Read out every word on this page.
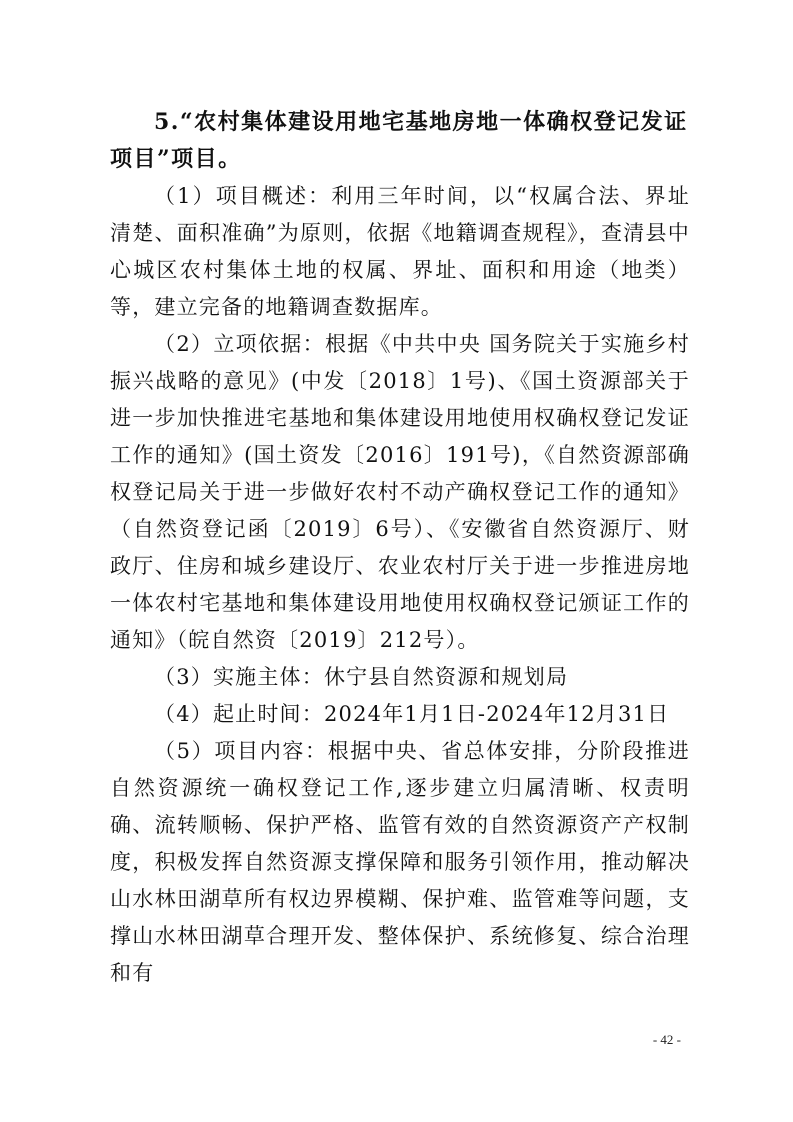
5.“农村集体建设用地宅基地房地一体确权登记发证项目”项目。

（1）项目概述：利用三年时间，以“权属合法、界址清楚、面积准确”为原则，依据《地籍调查规程》，查清县中心城区农村集体土地的权属、界址、面积和用途（地类）等，建立完备的地籍调查数据库。

（2）立项依据：根据《中共中央 国务院关于实施乡村振兴战略的意见》(中发〔2018〕1号)、《国土资源部关于进一步加快推进宅基地和集体建设用地使用权确权登记发证工作的通知》(国土资发〔2016〕191号)，《自然资源部确权登记局关于进一步做好农村不动产确权登记工作的通知》（自然资登记函〔2019〕6号）、《安徽省自然资源厅、财政厅、住房和城乡建设厅、农业农村厅关于进一步推进房地一体农村宅基地和集体建设用地使用权确权登记颁证工作的通知》（皖自然资〔2019〕212号）。

（3）实施主体：休宁县自然资源和规划局

（4）起止时间：2024年1月1日-2024年12月31日

（5）项目内容：根据中央、省总体安排，分阶段推进自然资源统一确权登记工作,逐步建立归属清晰、权责明确、流转顺畅、保护严格、监管有效的自然资源资产产权制度，积极发挥自然资源支撑保障和服务引领作用，推动解决山水林田湖草所有权边界模糊、保护难、监管难等问题，支撑山水林田湖草合理开发、整体保护、系统修复、综合治理和有

- 42 -
